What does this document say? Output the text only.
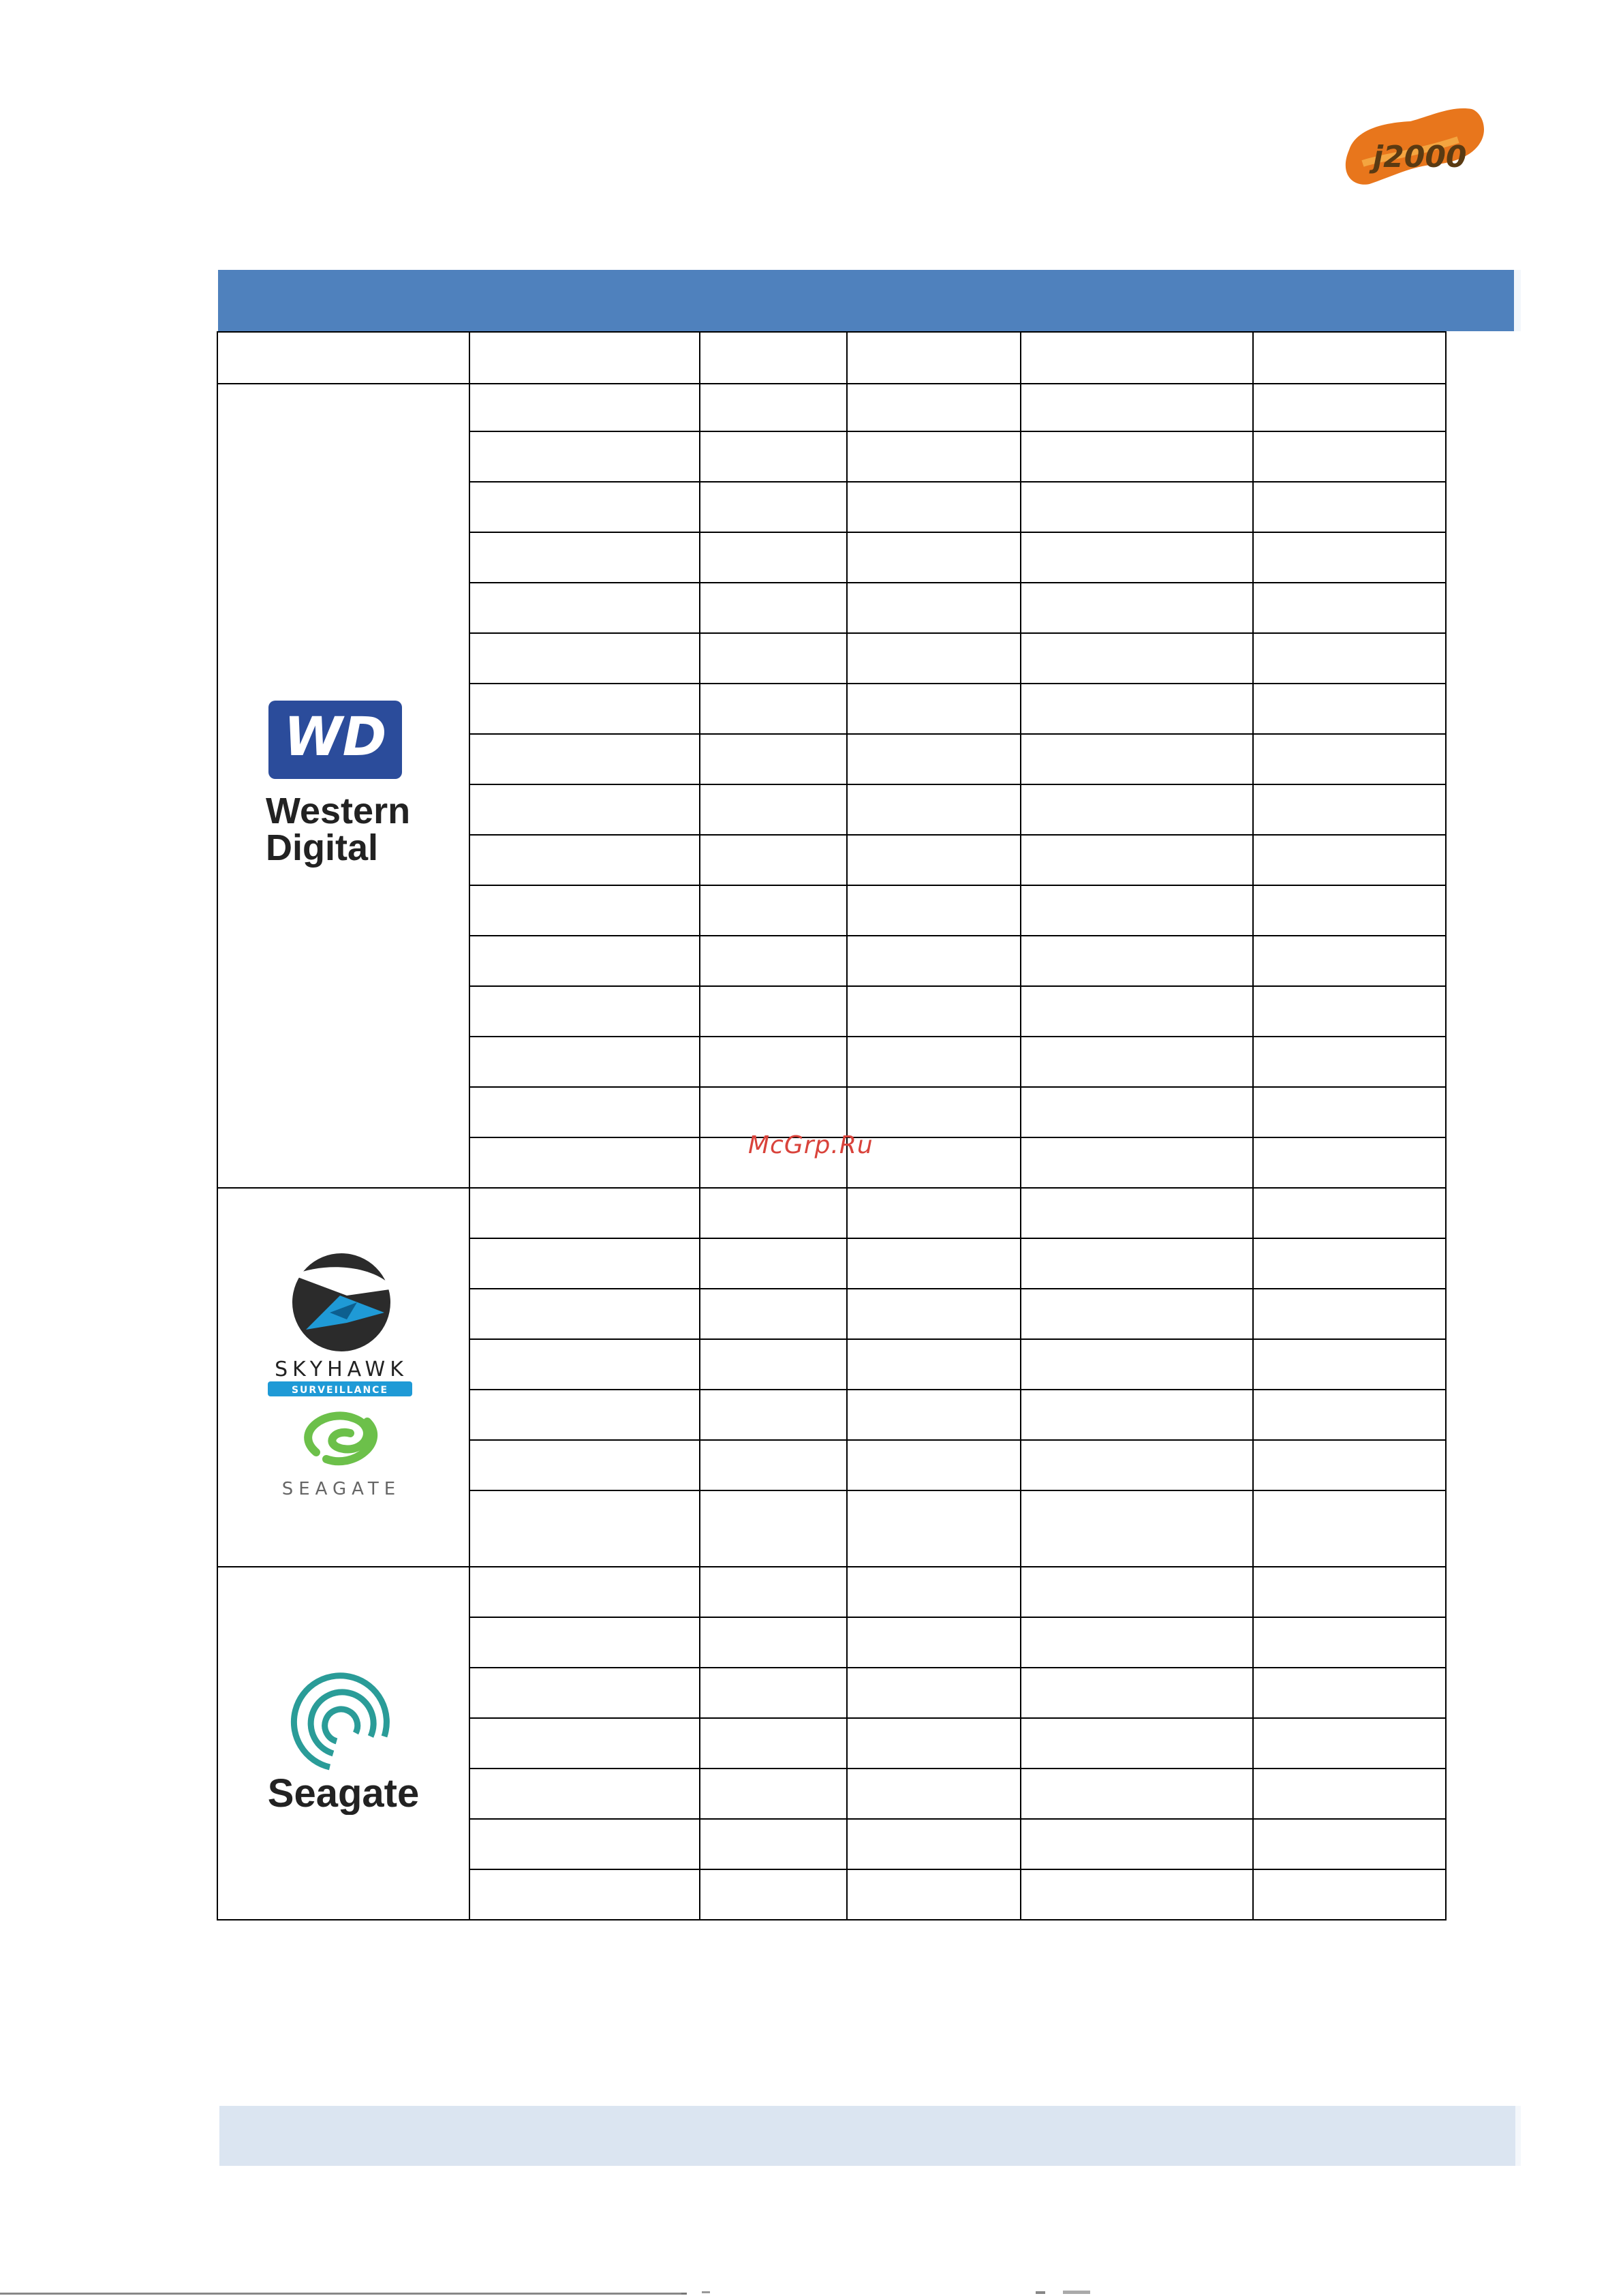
j2000

WD
Western
Digital					

SKYHAWK
SURVEILLANCE
SEAGATE					

Seagate					

McGrp.Ru
